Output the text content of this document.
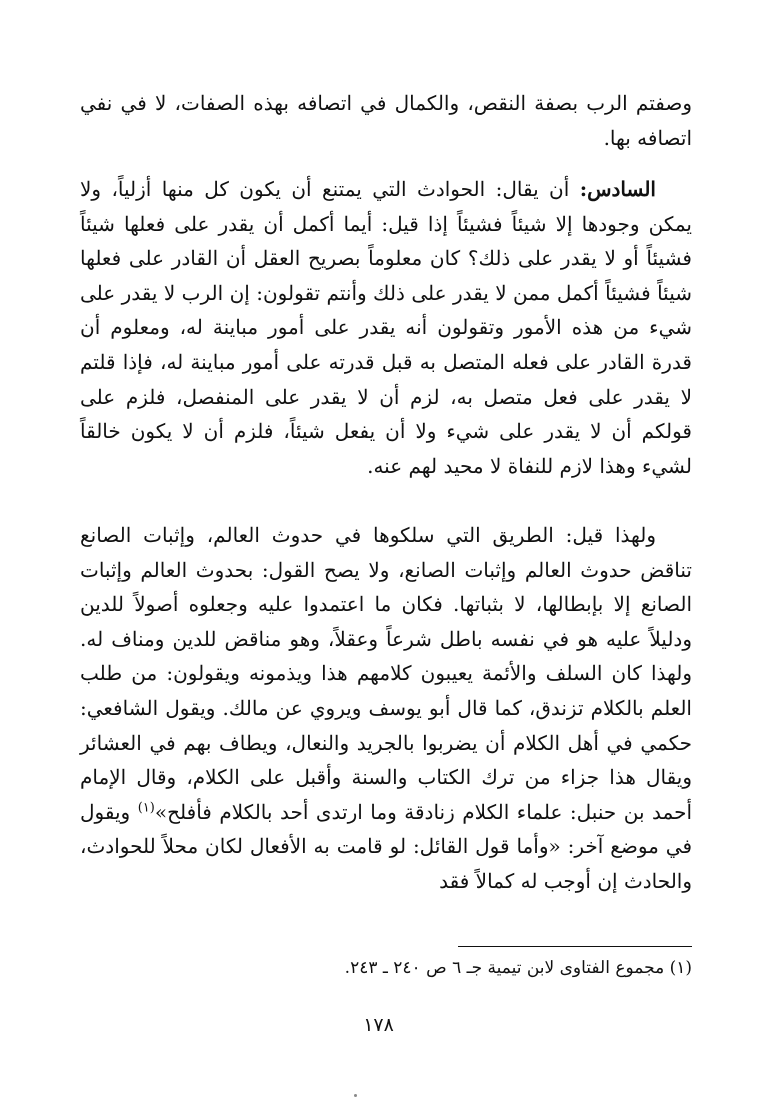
وصفتم الرب بصفة النقص، والكمال في اتصافه بهذه الصفات، لا في نفي اتصافه بها.

السادس: أن يقال: الحوادث التي يمتنع أن يكون كل منها أزلياً، ولا يمكن وجودها إلا شيئاً فشيئاً إذا قيل: أيما أكمل أن يقدر على فعلها شيئاً فشيئاً أو لا يقدر على ذلك؟ كان معلوماً بصريح العقل أن القادر على فعلها شيئاً فشيئاً أكمل ممن لا يقدر على ذلك وأنتم تقولون: إن الرب لا يقدر على شيء من هذه الأمور وتقولون أنه يقدر على أمور مباينة له، ومعلوم أن قدرة القادر على فعله المتصل به قبل قدرته على أمور مباينة له، فإذا قلتم لا يقدر على فعل متصل به، لزم أن لا يقدر على المنفصل، فلزم على قولكم أن لا يقدر على شيء ولا أن يفعل شيئاً، فلزم أن لا يكون خالقاً لشيء وهذا لازم للنفاة لا محيد لهم عنه.

ولهذا قيل: الطريق التي سلكوها في حدوث العالم، وإثبات الصانع تناقض حدوث العالم وإثبات الصانع، ولا يصح القول: بحدوث العالم وإثبات الصانع إلا بإبطالها، لا بثباتها. فكان ما اعتمدوا عليه وجعلوه أصولاً للدين ودليلاً عليه هو في نفسه باطل شرعاً وعقلاً، وهو مناقض للدين ومناف له. ولهذا كان السلف والأئمة يعيبون كلامهم هذا ويذمونه ويقولون: من طلب العلم بالكلام تزندق، كما قال أبو يوسف ويروي عن مالك. ويقول الشافعي: حكمي في أهل الكلام أن يضربوا بالجريد والنعال، ويطاف بهم في العشائر ويقال هذا جزاء من ترك الكتاب والسنة وأقبل على الكلام، وقال الإمام أحمد بن حنبل: علماء الكلام زنادقة وما ارتدى أحد بالكلام فأفلح»$^{(١)}$ ويقول في موضع آخر: «وأما قول القائل: لو قامت به الأفعال لكان محلاً للحوادث، والحادث إن أوجب له كمالاً فقد

(١) مجموع الفتاوى لابن تيمية جـ ٦ ص ٢٤٠ ـ ٢٤٣.
١٧٨
